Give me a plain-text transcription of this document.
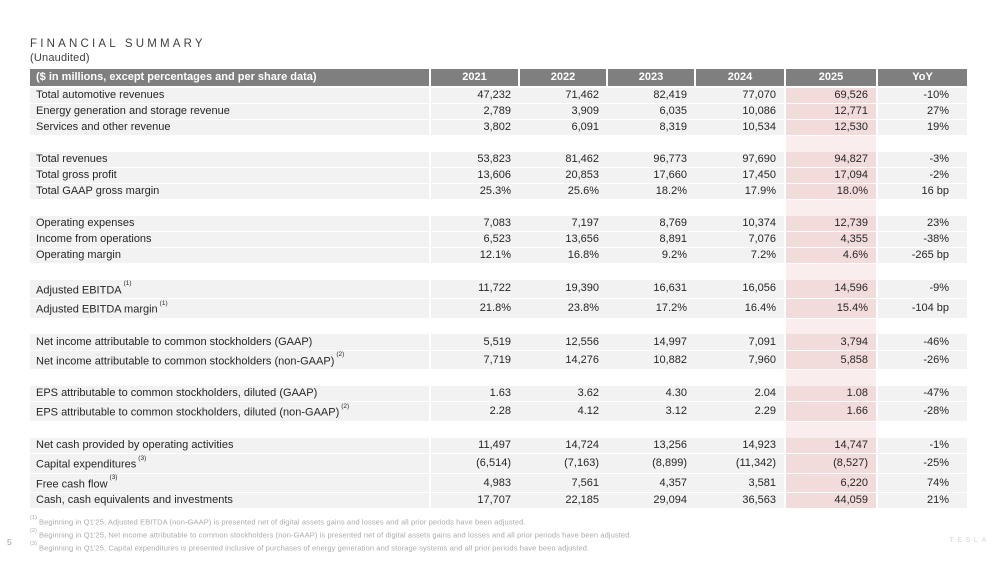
FINANCIAL SUMMARY
(Unaudited)
($ in millions, except percentages and per share data)	2021	2022	2023	2024	2025	YoY
Total automotive revenues	47,232	71,462	82,419	77,070	69,526	-10%
Energy generation and storage revenue	2,789	3,909	6,035	10,086	12,771	27%
Services and other revenue	3,802	6,091	8,319	10,534	12,530	19%

Total revenues	53,823	81,462	96,773	97,690	94,827	-3%
Total gross profit	13,606	20,853	17,660	17,450	17,094	-2%
Total GAAP gross margin	25.3%	25.6%	18.2%	17.9%	18.0%	16 bp

Operating expenses	7,083	7,197	8,769	10,374	12,739	23%
Income from operations	6,523	13,656	8,891	7,076	4,355	-38%
Operating margin	12.1%	16.8%	9.2%	7.2%	4.6%	-265 bp

Adjusted EBITDA$^{(1)}$	11,722	19,390	16,631	16,056	14,596	-9%
Adjusted EBITDA margin$^{(1)}$	21.8%	23.8%	17.2%	16.4%	15.4%	-104 bp

Net income attributable to common stockholders (GAAP)	5,519	12,556	14,997	7,091	3,794	-46%
Net income attributable to common stockholders (non-GAAP)$^{(2)}$	7,719	14,276	10,882	7,960	5,858	-26%

EPS attributable to common stockholders, diluted (GAAP)	1.63	3.62	4.30	2.04	1.08	-47%
EPS attributable to common stockholders, diluted (non-GAAP)$^{(2)}$	2.28	4.12	3.12	2.29	1.66	-28%

Net cash provided by operating activities	11,497	14,724	13,256	14,923	14,747	-1%
Capital expenditures$^{(3)}$	(6,514)	(7,163)	(8,899)	(11,342)	(8,527)	-25%
Free cash flow$^{(3)}$	4,983	7,561	4,357	3,581	6,220	74%
Cash, cash equivalents and investments	17,707	22,185	29,094	36,563	44,059	21%
$^{(1)}$ Beginning in Q1'25, Adjusted EBITDA (non-GAAP) is presented net of digital assets gains and losses and all prior periods have been adjusted.
$^{(2)}$ Beginning in Q1'25, Net income attributable to common stockholders (non-GAAP) is presented net of digital assets gains and losses and all prior periods have been adjusted.
$^{(3)}$ Beginning in Q1'25, Capital expenditures is presented inclusive of purchases of energy generation and storage systems and all prior periods have been adjusted.
5	TESLA
